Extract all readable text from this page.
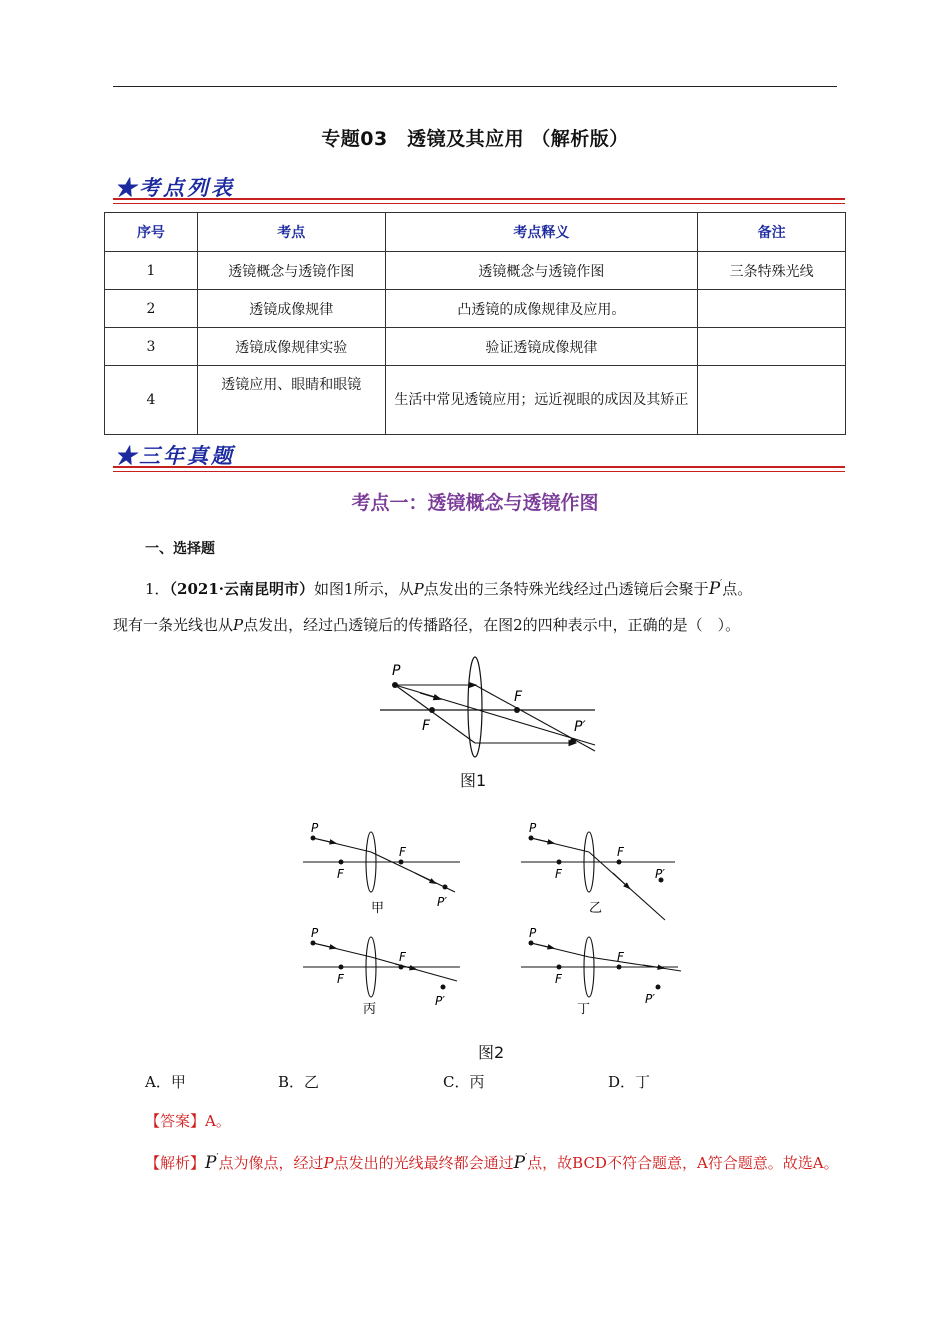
专题03　透镜及其应用 （解析版）
★考点列表
序号	考点	考点释义	备注
1	透镜概念与透镜作图	透镜概念与透镜作图	三条特殊光线
2	透镜成像规律	凸透镜的成像规律及应用。	
3	透镜成像规律实验	验证透镜成像规律	
4	透镜应用、眼睛和眼镜	生活中常见透镜应用；远近视眼的成因及其矫正	
★三年真题
考点一：透镜概念与透镜作图
一、选择题
1．（2021·云南昆明市）如图1所示，从P点发出的三条特殊光线经过凸透镜后会聚于P′点。
现有一条光线也从P点发出，经过凸透镜后的传播路径，在图2的四种表示中，正确的是（　）。
P
F
F
P′
图1
P
F
F
P′
甲
P
F
F
P′
乙
P
F
F
P′
丙
P
F
F
P′
丁
图2
A．甲	B．乙	C．丙	D．丁
【答案】A。
【解析】P′点为像点，经过P点发出的光线最终都会通过P′点，故BCD不符合题意，A符合题意。故选A。
